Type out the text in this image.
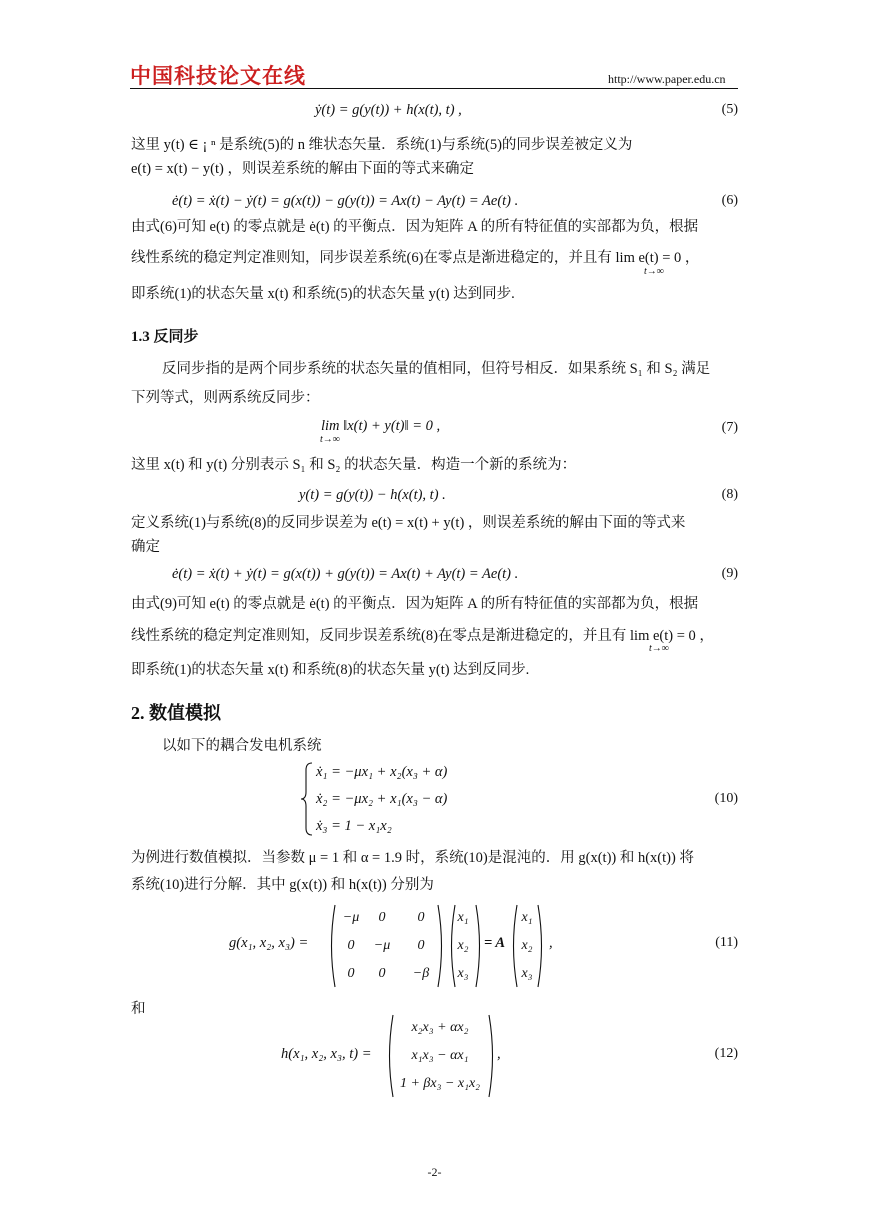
中国科技论文在线	http://www.paper.edu.cn
ẏ(t) = g(y(t)) + h(x(t), t) ,	(5)
这里 y(t) ∈ ¡ ⁿ 是系统(5)的 n 维状态矢量．系统(1)与系统(5)的同步误差被定义为
e(t) = x(t) − y(t) ，则误差系统的解由下面的等式来确定
ė(t) = ẋ(t) − ẏ(t) = g(x(t)) − g(y(t)) = Ax(t) − Ay(t) = Ae(t) .	(6)
由式(6)可知 e(t) 的零点就是 ė(t) 的平衡点．因为矩阵 A 的所有特征值的实部都为负，根据
线性系统的稳定判定准则知，同步误差系统(6)在零点是渐进稳定的，并且有 lim e(t) = 0 ，
t→∞
即系统(1)的状态矢量 x(t) 和系统(5)的状态矢量 y(t) 达到同步.
1.3 反同步
反同步指的是两个同步系统的状态矢量的值相同，但符号相反．如果系统 S₁ 和 S₂ 满足
下列等式，则两系统反同步：
lim ‖x(t) + y(t)‖ = 0 ,
t→∞
(7)
这里 x(t) 和 y(t) 分别表示 S₁ 和 S₂ 的状态矢量．构造一个新的系统为：
y(t) = g(y(t)) − h(x(t), t) .	(8)
定义系统(1)与系统(8)的反同步误差为 e(t) = x(t) + y(t) ，则误差系统的解由下面的等式来
确定
ė(t) = ẋ(t) + ẏ(t) = g(x(t)) + g(y(t)) = Ax(t) + Ay(t) = Ae(t) .	(9)
由式(9)可知 e(t) 的零点就是 ė(t) 的平衡点．因为矩阵 A 的所有特征值的实部都为负，根据
线性系统的稳定判定准则知，反同步误差系统(8)在零点是渐进稳定的，并且有 lim e(t) = 0 ，
t→∞
即系统(1)的状态矢量 x(t) 和系统(8)的状态矢量 y(t) 达到反同步.
2. 数值模拟
以如下的耦合发电机系统
ẋ₁ = −μx₁ + x₂(x₃ + α)
ẋ₂ = −μx₂ + x₁(x₃ − α)
ẋ₃ = 1 − x₁x₂
(10)
为例进行数值模拟．当参数 μ = 1 和 α = 1.9 时，系统(10)是混沌的．用 g(x(t)) 和 h(x(t)) 将
系统(10)进行分解．其中 g(x(t)) 和 h(x(t)) 分别为
g(x₁, x₂, x₃) =
−μ
0
0
0
−μ
0
0
0
−β
x₁
x₂
x₃
= A
x₁
x₂
x₃
,	(11)
和
h(x₁, x₂, x₃, t) =
x₂x₃ + αx₂
x₁x₃ − αx₁
1 + βx₃ − x₁x₂
,	(12)
-2-
